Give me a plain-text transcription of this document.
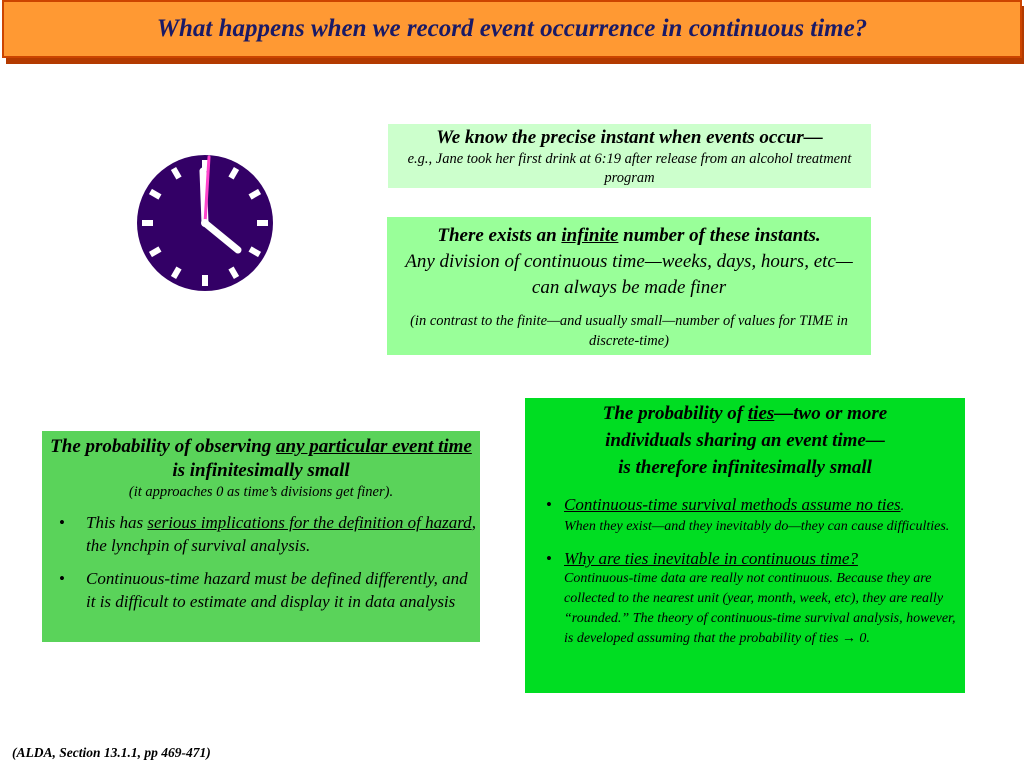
What happens when we record event occurrence in continuous time?

We know the precise instant when events occur—

e.g., Jane took her first drink at 6:19 after release from an alcohol treatment program

There exists an infinite number of these instants.

Any division of continuous time—weeks, days, hours, etc—can always be made finer

(in contrast to the finite—and usually small—number of values for TIME in discrete-time)

The probability of observing any particular event time is infinitesimally small

(it approaches 0 as time’s divisions get finer).

• This has serious implications for the definition of hazard, the lynchpin of survival analysis.
• Continuous-time hazard must be defined differently, and it is difficult to estimate and display it in data analysis

The probability of ties—two or more

individuals sharing an event time—

is therefore infinitesimally small

• Continuous-time survival methods assume no ties.
When they exist—and they inevitably do—they can cause difficulties.
• Why are ties inevitable in continuous time?
Continuous-time data are really not continuous. Because they are collected to the nearest unit (year, month, week, etc), they are really “rounded.” The theory of continuous-time survival analysis, however, is developed assuming that the probability of ties → 0.
(ALDA, Section 13.1.1, pp 469-471)
